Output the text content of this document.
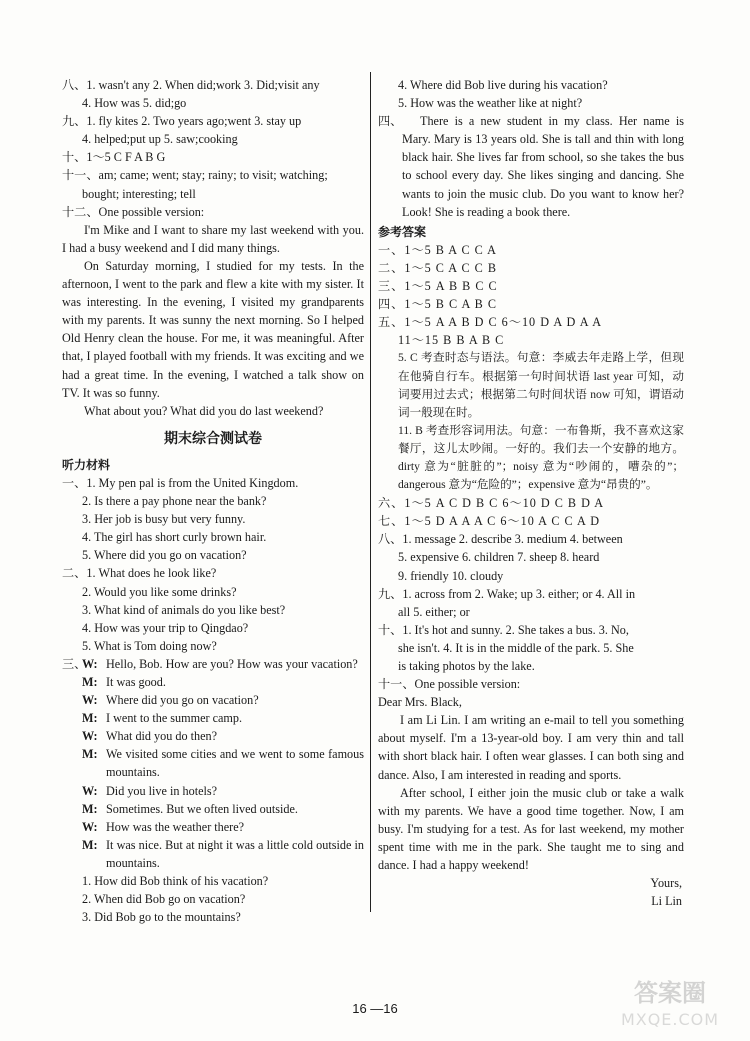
八、1. wasn't any 2. When did;work 3. Did;visit any
4. How was 5. did;go
九、1. fly kites 2. Two years ago;went 3. stay up
4. helped;put up 5. saw;cooking
十、1～5 C F A B G
十一、am; came; went; stay; rainy; to visit; watching;
bought; interesting; tell
十二、One possible version:
I'm Mike and I want to share my last weekend with you. I had a busy weekend and I did many things.
On Saturday morning, I studied for my tests. In the afternoon, I went to the park and flew a kite with my sister. It was interesting. In the evening, I visited my grandparents with my parents. It was sunny the next morning. So I helped Old Henry clean the house. For me, it was meaningful. After that, I played football with my friends. It was exciting and we had a great time. In the evening, I watched a talk show on TV. It was so funny.
What about you? What did you do last weekend?
期末综合测试卷
听力材料
一、1. My pen pal is from the United Kingdom.
2. Is there a pay phone near the bank?
3. Her job is busy but very funny.
4. The girl has short curly brown hair.
5. Where did you go on vacation?
二、1. What does he look like?
2. Would you like some drinks?
3. What kind of animals do you like best?
4. How was your trip to Qingdao?
5. What is Tom doing now?
三、
W: Hello, Bob. How are you? How was your vacation?
M: It was good.
W: Where did you go on vacation?
M: I went to the summer camp.
W: What did you do then?
M: We visited some cities and we went to some famous mountains.
W: Did you live in hotels?
M: Sometimes. But we often lived outside.
W: How was the weather there?
M: It was nice. But at night it was a little cold outside in mountains.
1. How did Bob think of his vacation?
2. When did Bob go on vacation?
3. Did Bob go to the mountains?
4. Where did Bob live during his vacation?
5. How was the weather like at night?
四、	There is a new student in my class. Her name is Mary. Mary is 13 years old. She is tall and thin with long black hair. She lives far from school, so she takes the bus to school every day. She likes singing and dancing. She wants to join the music club. Do you want to know her? Look! She is reading a book there.
参考答案
一、1～5 B A C C A
二、1～5 C A C C B
三、1～5 A B B C C
四、1～5 B C A B C
五、1～5 A A B D C 6～10 D A D A A
11～15 B B A B C
5. C 考查时态与语法。句意：李威去年走路上学，但现在他骑自行车。根据第一句时间状语 last year 可知，动词要用过去式；根据第二句时间状语 now 可知，谓语动词一般现在时。
11. B 考查形容词用法。句意：一布鲁斯，我不喜欢这家餐厅，这儿太吵闹。一好的。我们去一个安静的地方。dirty 意为“脏脏的”；noisy 意为“吵闹的，嘈杂的”；dangerous 意为“危险的”；expensive 意为“昂贵的”。
六、1～5 A C D B C 6～10 D C B D A
七、1～5 D A A A C 6～10 A C C A D
八、1. message 2. describe 3. medium 4. between
5. expensive 6. children 7. sheep 8. heard
9. friendly 10. cloudy
九、1. across from 2. Wake; up 3. either; or 4. All in
all 5. either; or
十、1. It's hot and sunny. 2. She takes a bus. 3. No,
she isn't. 4. It is in the middle of the park. 5. She
is taking photos by the lake.
十一、One possible version:
Dear Mrs. Black,
I am Li Lin. I am writing an e-mail to tell you something about myself. I'm a 13-year-old boy. I am very thin and tall with short black hair. I often wear glasses. I can both sing and dance. Also, I am interested in reading and sports.
After school, I either join the music club or take a walk with my parents. We have a good time together. Now, I am busy. I'm studying for a test. As for last weekend, my mother spent time with me in the park. She taught me to sing and dance. I had a happy weekend!
Yours,
Li Lin
16 —16
答案圈
MXQE.COM
